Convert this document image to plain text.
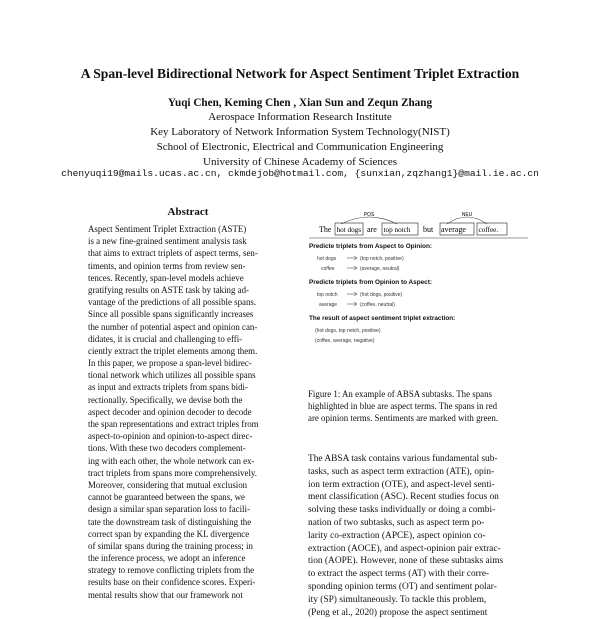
A Span-level Bidirectional Network for Aspect Sentiment Triplet Extraction
Yuqi Chen, Keming Chen , Xian Sun and Zequn Zhang
Aerospace Information Research Institute
Key Laboratory of Network Information System Technology(NIST)
School of Electronic, Electrical and Communication Engineering
University of Chinese Academy of Sciences
chenyuqi19@mails.ucas.ac.cn, ckmdejob@hotmail.com, {sunxian,zqzhang1}@mail.ie.ac.cn
Abstract
Aspect Sentiment Triplet Extraction (ASTE)
is a new fine-grained sentiment analysis task
that aims to extract triplets of aspect terms, sen-
timents, and opinion terms from review sen-
tences. Recently, span-level models achieve
gratifying results on ASTE task by taking ad-
vantage of the predictions of all possible spans.
Since all possible spans significantly increases
the number of potential aspect and opinion can-
didates, it is crucial and challenging to effi-
ciently extract the triplet elements among them.
In this paper, we propose a span-level bidirec-
tional network which utilizes all possible spans
as input and extracts triplets from spans bidi-
rectionally. Specifically, we devise both the
aspect decoder and opinion decoder to decode
the span representations and extract triples from
aspect-to-opinion and opinion-to-aspect direc-
tions. With these two decoders complement-
ing with each other, the whole network can ex-
tract triplets from spans more comprehensively.
Moreover, considering that mutual exclusion
cannot be guaranteed between the spans, we
design a similar span separation loss to facili-
tate the downstream task of distinguishing the
correct span by expanding the KL divergence
of similar spans during the training process; in
the inference process, we adopt an inference
strategy to remove conflicting triplets from the
results base on their confidence scores. Experi-
mental results show that our framework not
POS	NEU
The hot dogs are top notch but average coffee.
Predicte triplets from Aspect to Opinion:
hot dogs	(top notch, positive)
coffee	(average, neutral)
Predicte triplets from Opinion to Aspect:
top notch	(hot dogs, positive)
average	(coffee, neutral)
The result of aspect sentiment triplet extraction:
(hot dogs, top notch, positive)
(coffee, average, negative)
Figure 1: An example of ABSA subtasks. The spans
highlighted in blue are aspect terms. The spans in red
are opinion terms. Sentiments are marked with green.
The ABSA task contains various fundamental sub-
tasks, such as aspect term extraction (ATE), opin-
ion term extraction (OTE), and aspect-level senti-
ment classification (ASC). Recent studies focus on
solving these tasks individually or doing a combi-
nation of two subtasks, such as aspect term po-
larity co-extraction (APCE), aspect opinion co-
extraction (AOCE), and aspect-opinion pair extrac-
tion (AOPE). However, none of these subtasks aims
to extract the aspect terms (AT) with their corre-
sponding opinion terms (OT) and sentiment polar-
ity (SP) simultaneously. To tackle this problem,
(Peng et al., 2020) propose the aspect sentiment
